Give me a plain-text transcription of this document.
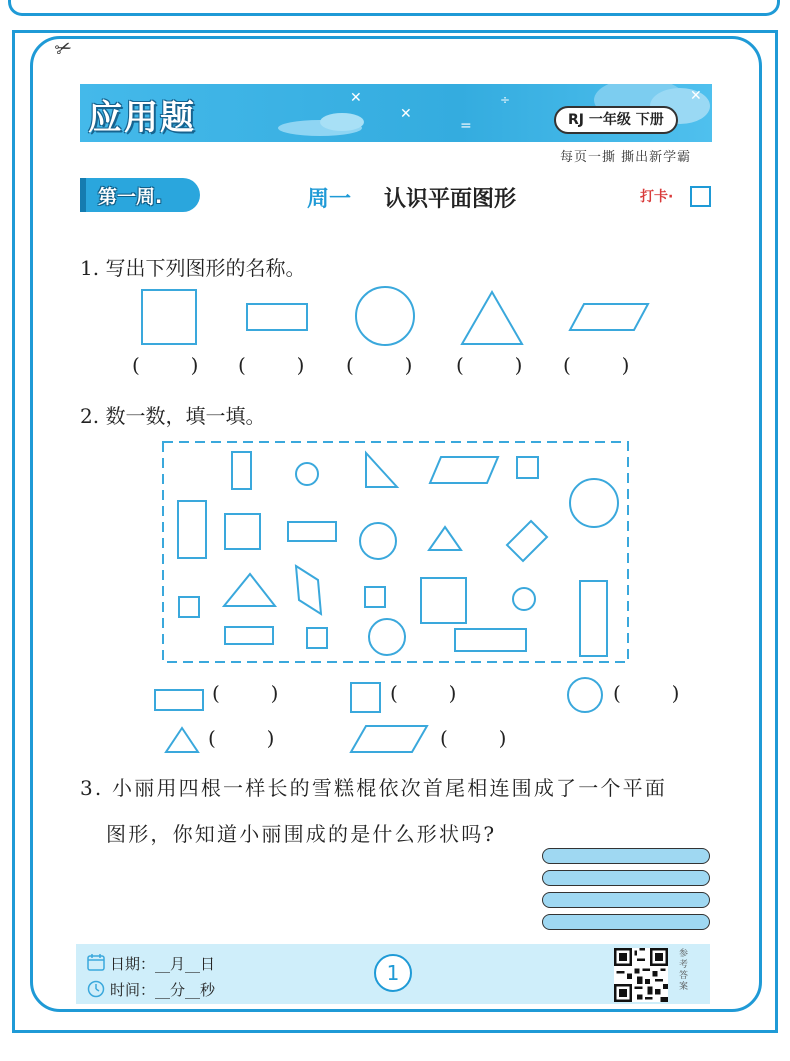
✂
✕
✕
=
÷	✕
应用题	RJ 一年级 下册
每页一撕 撕出新学霸
第一周.	周一 认识平面图形	打卡·
1. 写出下列图形的名称。
2. 数一数，填一填。
3. 小丽用四根一样长的雪糕棍依次首尾相连围成了一个平面
图形，你知道小丽围成的是什么形状吗?
(        ) (        ) (        ) (        ) (        )
(        )	(        )	(        )
(        )	(        )
日期：__月__日
时间：__分__秒
1	参考答案
